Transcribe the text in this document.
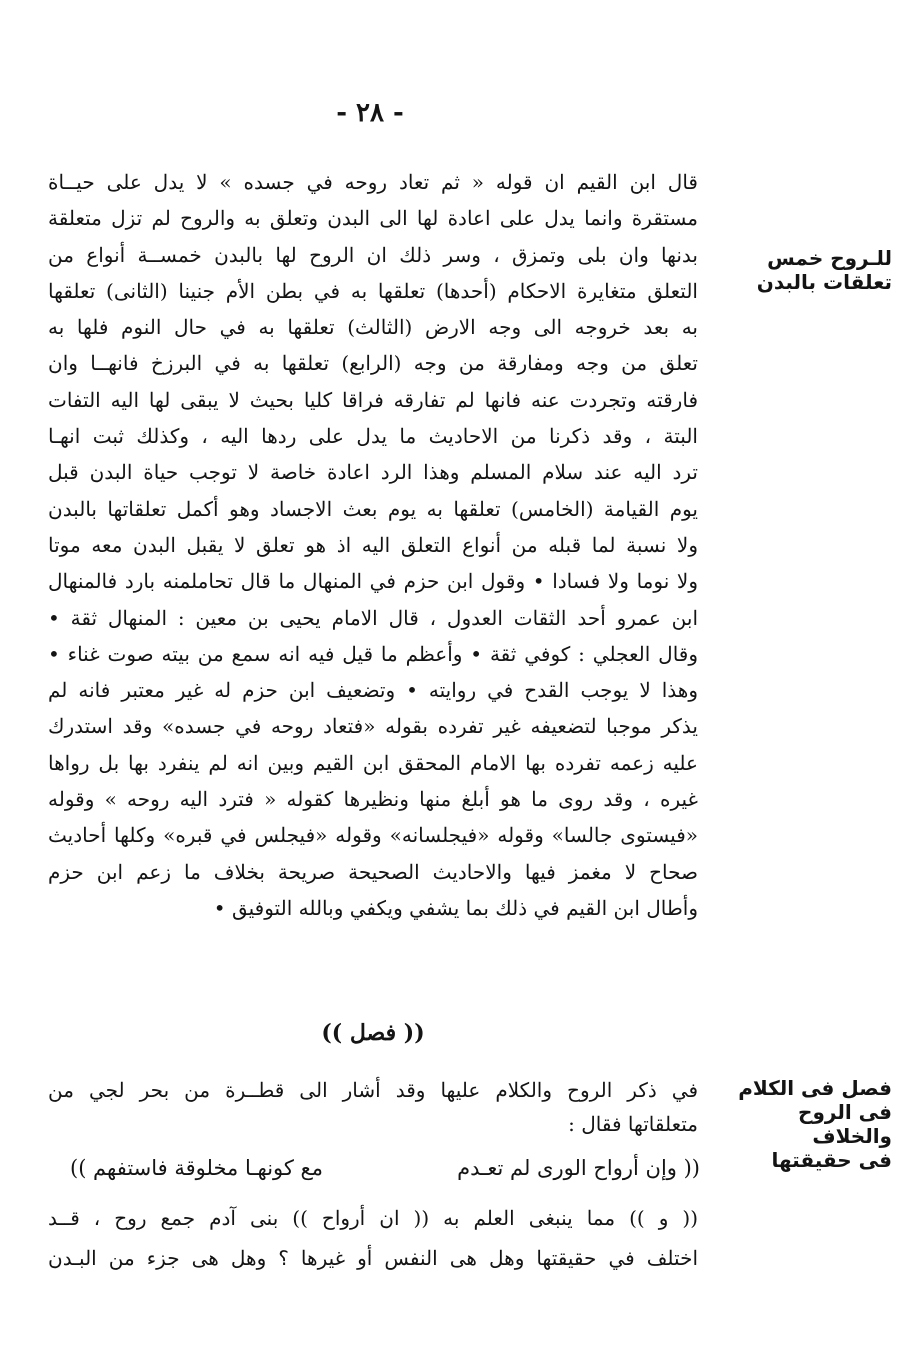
- ٢٨ -
للـروح خمس
تعلقات بالبدن
قال ابن القيم ان قوله « ثم تعاد روحه في جسده » لا يدل على حيــاة
مستقرة وانما يدل على اعادة لها الى البدن وتعلق به والروح لم تزل متعلقة
بدنها وان بلى وتمزق ، وسر ذلك ان الروح لها بالبدن خمســة أنواع من
التعلق متغايرة الاحكام (أحدها) تعلقها به في بطن الأم جنينا (الثانى) تعلقها
به بعد خروجه الى وجه الارض (الثالث) تعلقها به في حال النوم فلها به
تعلق من وجه ومفارقة من وجه (الرابع) تعلقها به في البرزخ فانهــا وان
فارقته وتجردت عنه فانها لم تفارقه فراقا كليا بحيث لا يبقى لها اليه التفات
البتة ، وقد ذكرنا من الاحاديث ما يدل على ردها اليه ، وكذلك ثبت انهـا
ترد اليه عند سلام المسلم وهذا الرد اعادة خاصة لا توجب حياة البدن قبل
يوم القيامة (الخامس) تعلقها به يوم بعث الاجساد وهو أكمل تعلقاتها بالبدن
ولا نسبة لما قبله من أنواع التعلق اليه اذ هو تعلق لا يقبل البدن معه موتا
ولا نوما ولا فسادا • وقول ابن حزم في المنهال ما قال تحاملمنه بارد فالمنهال
ابن عمرو أحد الثقات العدول ، قال الامام يحيى بن معين : المنهال ثقة •
وقال العجلي : كوفي ثقة • وأعظم ما قيل فيه انه سمع من بيته صوت غناء •
وهذا لا يوجب القدح في روايته • وتضعيف ابن حزم له غير معتبر فانه لم
يذكر موجبا لتضعيفه غير تفرده بقوله «فتعاد روحه في جسده» وقد استدرك
عليه زعمه تفرده بها الامام المحقق ابن القيم وبين انه لم ينفرد بها بل رواها
غيره ، وقد روى ما هو أبلغ منها ونظيرها كقوله « فترد اليه روحه » وقوله
«فيستوى جالسا» وقوله «فيجلسانه» وقوله «فيجلس في قبره» وكلها أحاديث
صحاح لا مغمز فيها والاحاديث الصحيحة صريحة بخلاف ما زعم ابن حزم
وأطال ابن القيم في ذلك بما يشفي ويكفي وبالله التوفيق •
(( فصل ))
فصل فى الكلام
فى الروح والخلاف
فى حقيقتها
في ذكر الروح والكلام عليها وقد أشار الى قطــرة من بحر لجي من
متعلقاتها فقال :
(( وإن أرواح الورى لم تعـدم
مع كونهـا مخلوقة فاستفهم ))
(( و )) مما ينبغى العلم به (( ان أرواح )) بنى آدم جمع روح ، قــد
اختلف في حقيقتها وهل هى النفس أو غيرها ؟ وهل هى جزء من البـدن
